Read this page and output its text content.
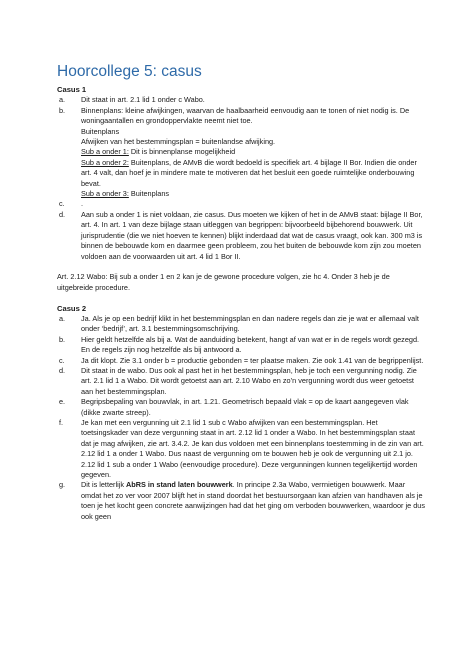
Hoorcollege 5: casus
Casus 1
a.	Dit staat in art. 2.1 lid 1 onder c Wabo.

b.	Binnenplans: kleine afwijkingen, waarvan de haalbaarheid eenvoudig aan te tonen of niet nodig is. De woningaantallen en grondoppervlakte neemt niet toe.

Buitenplans

Afwijken van het bestemmingsplan = buitenlandse afwijking.

Sub a onder 1: Dit is binnenplanse mogelijkheid

Sub a onder 2: Buitenplans, de AMvB die wordt bedoeld is specifiek art. 4 bijlage II Bor. Indien die onder art. 4 valt, dan hoef je in mindere mate te motiveren dat het besluit een goede ruimtelijke onderbouwing bevat.

Sub a onder 3: Buitenplans

c.	.

d.	Aan sub a onder 1 is niet voldaan, zie casus. Dus moeten we kijken of het in de AMvB staat: bijlage II Bor, art. 4. In art. 1 van deze bijlage staan uitleggen van begrippen: bijvoorbeeld bijbehorend bouwwerk. Uit jurisprudentie (die we niet hoeven te kennen) blijkt inderdaad dat wat de casus vraagt, ook kan. 300 m3 is binnen de bebouwde kom en daarmee geen probleem, zou het buiten de bebouwde kom zijn zou moeten voldoen aan de voorwaarden uit art. 4 lid 1 Bor II.

Art. 2.12 Wabo: Bij sub a onder 1 en 2 kan je de gewone procedure volgen, zie hc 4. Onder 3 heb je de uitgebreide procedure.

Casus 2
a.	Ja. Als je op een bedrijf klikt in het bestemmingsplan en dan nadere regels dan zie je wat er allemaal valt onder ‘bedrijf’, art. 3.1 bestemmingsomschrijving.

b.	Hier geldt hetzelfde als bij a. Wat de aanduiding betekent, hangt af van wat er in de regels wordt gezegd. En de regels zijn nog hetzelfde als bij antwoord a.

c.	Ja dit klopt. Zie 3.1 onder b = productie gebonden = ter plaatse maken. Zie ook 1.41 van de begrippenlijst.

d.	Dit staat in de wabo. Dus ook al past het in het bestemmingsplan, heb je toch een vergunning nodig. Zie art. 2.1 lid 1 a Wabo. Dit wordt getoetst aan art. 2.10 Wabo en zo’n vergunning wordt dus weer getoetst aan het bestemmingsplan.

e.	Begripsbepaling van bouwvlak, in art. 1.21. Geometrisch bepaald vlak = op de kaart aangegeven vlak (dikke zwarte streep).

f.	Je kan met een vergunning uit 2.1 lid 1 sub c Wabo afwijken van een bestemmingsplan. Het toetsingskader van deze vergunning staat in art. 2.12 lid 1 onder a Wabo. In het bestemmingsplan staat dat je mag afwijken, zie art. 3.4.2. Je kan dus voldoen met een binnenplans toestemming in de zin van art. 2.12 lid 1 a onder 1 Wabo. Dus naast de vergunning om te bouwen heb je ook de vergunning uit 2.1 jo. 2.12 lid 1 sub a onder 1 Wabo (eenvoudige procedure). Deze vergunningen kunnen tegelijkertijd worden gegeven.

g.	Dit is letterlijk AbRS in stand laten bouwwerk. In principe 2.3a Wabo, verrnietigen bouwwerk. Maar omdat het zo ver voor 2007 blijft het in stand doordat het bestuursorgaan kan afzien van handhaven als je toen je het kocht geen concrete aanwijzingen had dat het ging om verboden bouwwerken, waardoor je dus ook geen
